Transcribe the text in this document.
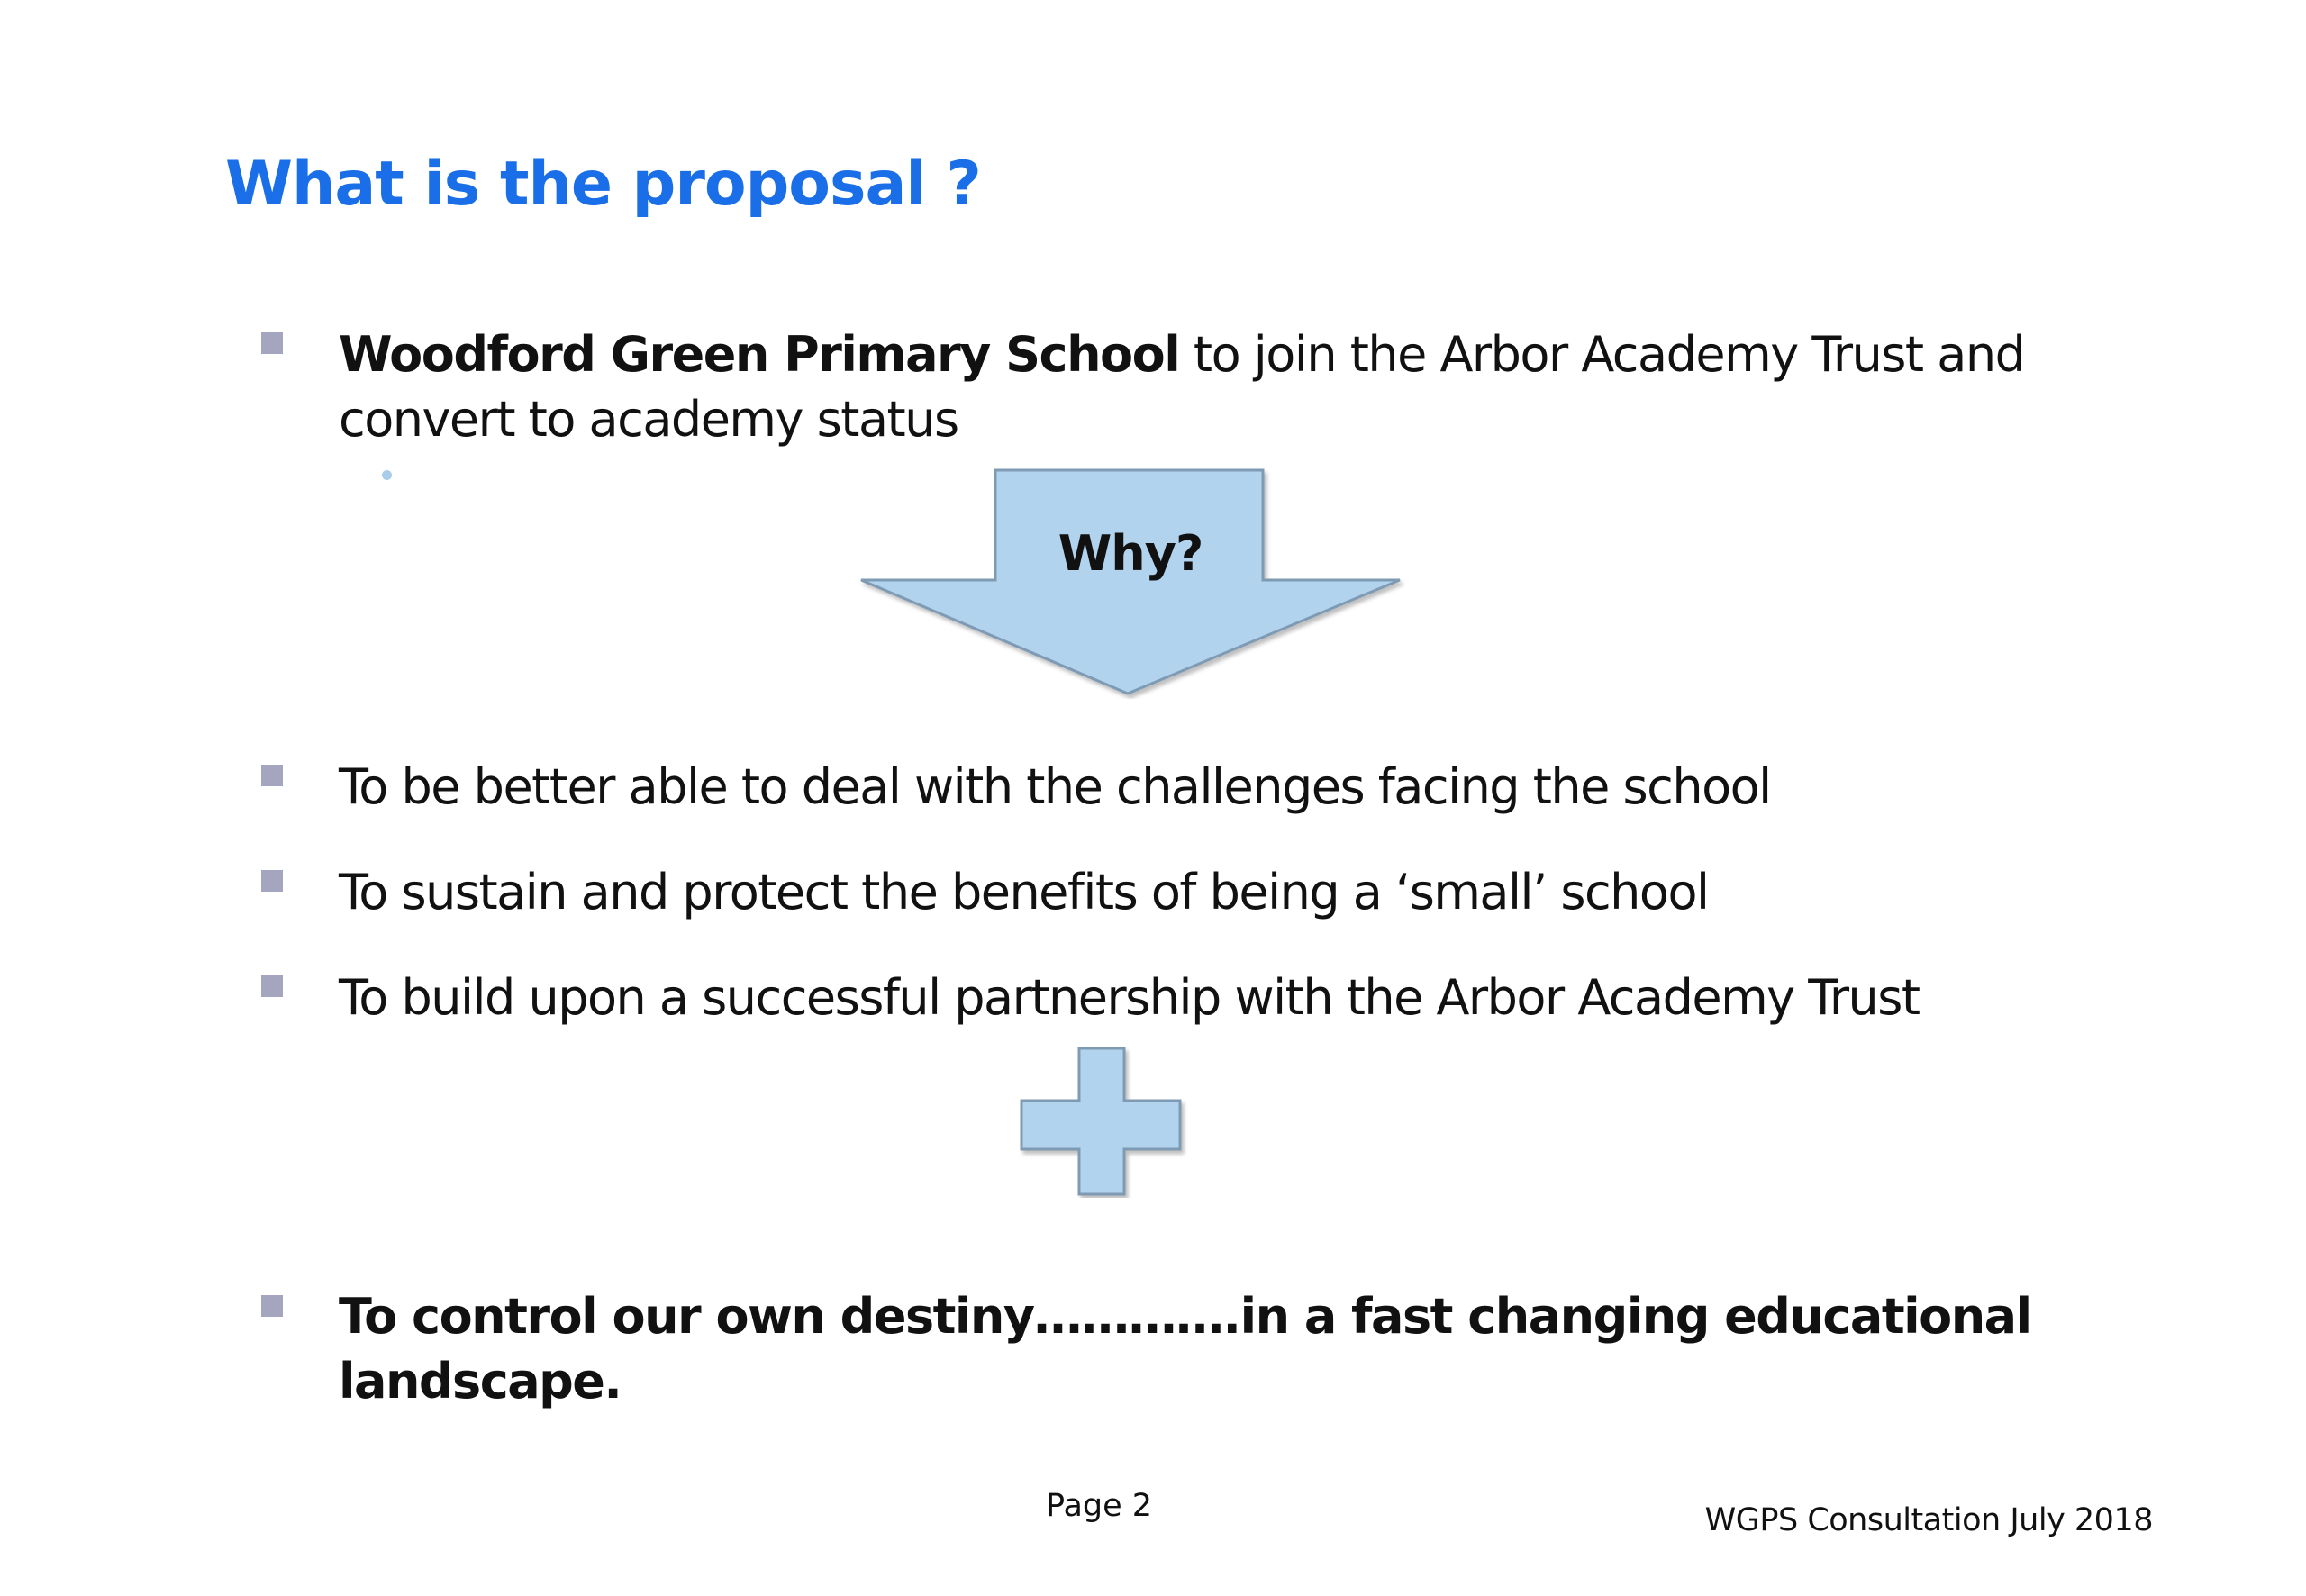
What is the proposal ?

Woodford Green Primary School to join the Arbor Academy Trust and convert to academy status

Why?

To be better able to deal with the challenges facing the school

To sustain and protect the benefits of being a ‘small’ school

To build upon a successful partnership with the Arbor Academy Trust

To control our own destiny………….in a fast changing educational landscape.

Page 2	WGPS Consultation July 2018
